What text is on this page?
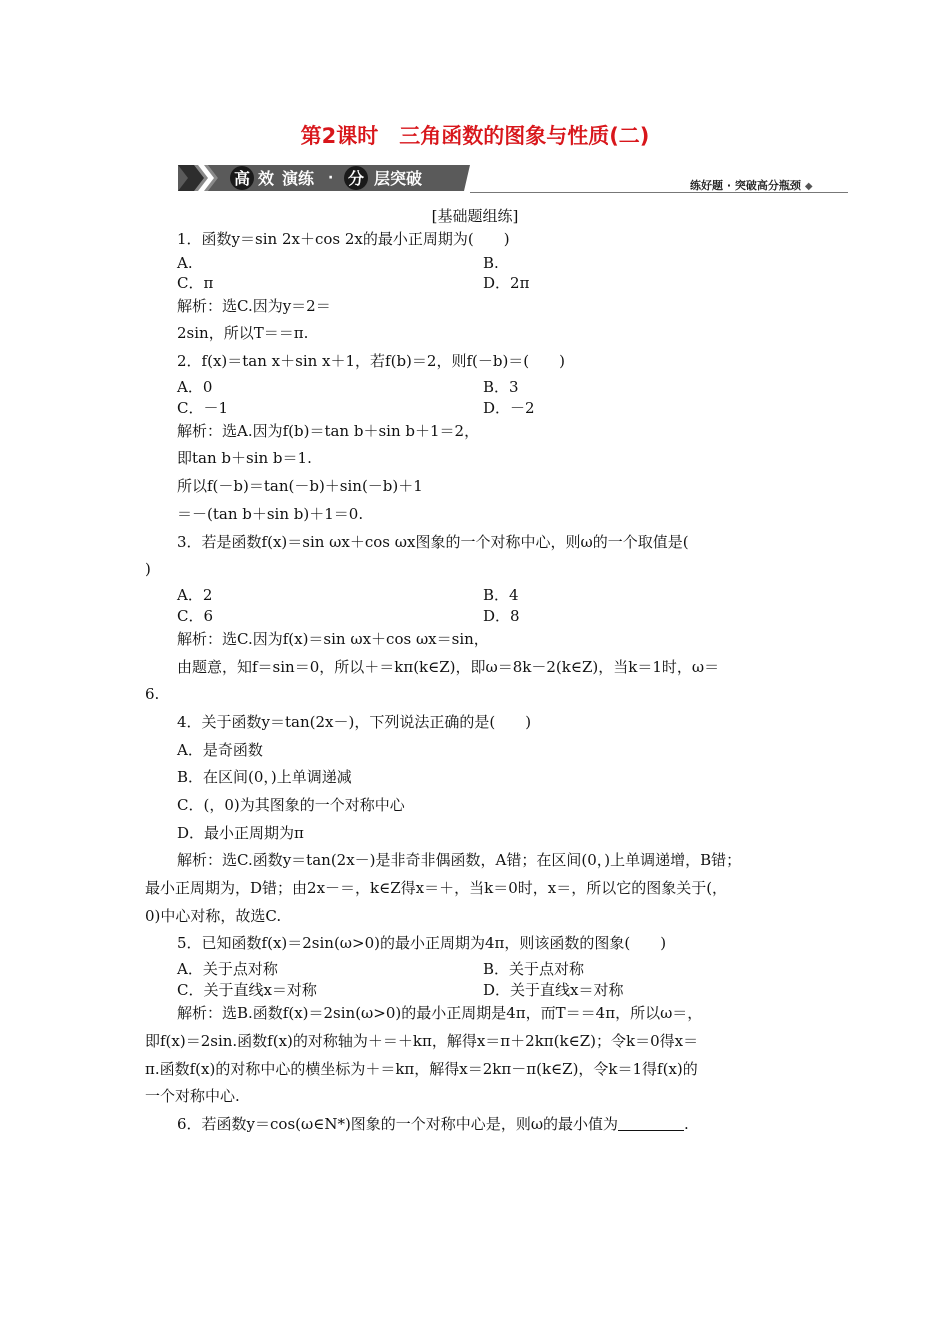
第2课时　三角函数的图象与性质(二)
高 效 演练 · 分 层突破	练好题 · 突破高分瓶颈 ◆
[基础题组练]
1．函数y＝sin 2x＋cos 2x的最小正周期为(　　)
A.	B.
C．π	D．2π
解析：选C.因为y＝2＝
2sin，所以T＝＝π.
2．f(x)＝tan x＋sin x＋1，若f(b)＝2，则f(－b)＝(　　)
A．0	B．3
C．－1	D．－2
解析：选A.因为f(b)＝tan b＋sin b＋1＝2，
即tan b＋sin b＝1.
所以f(－b)＝tan(－b)＋sin(－b)＋1
＝－(tan b＋sin b)＋1＝0.
3．若是函数f(x)＝sin ωx＋cos ωx图象的一个对称中心，则ω的一个取值是(
)
A．2	B．4
C．6	D．8
解析：选C.因为f(x)＝sin ωx＋cos ωx＝sin，
由题意，知f＝sin＝0，所以＋＝kπ(k∈Z)，即ω＝8k－2(k∈Z)，当k＝1时，ω＝
6.
4．关于函数y＝tan(2x－)，下列说法正确的是(　　)
A．是奇函数
B．在区间(0，)上单调递减
C．(，0)为其图象的一个对称中心
D．最小正周期为π
解析：选C.函数y＝tan(2x－)是非奇非偶函数，A错；在区间(0，)上单调递增，B错；
最小正周期为，D错；由2x－＝，k∈Z得x＝＋，当k＝0时，x＝，所以它的图象关于(，
0)中心对称，故选C.
5．已知函数f(x)＝2sin(ω>0)的最小正周期为4π，则该函数的图象(　　)
A．关于点对称	B．关于点对称
C．关于直线x＝对称	D．关于直线x＝对称
解析：选B.函数f(x)＝2sin(ω>0)的最小正周期是4π，而T＝＝4π，所以ω＝，
即f(x)＝2sin.函数f(x)的对称轴为＋＝＋kπ，解得x＝π＋2kπ(k∈Z)；令k＝0得x＝
π.函数f(x)的对称中心的横坐标为＋＝kπ，解得x＝2kπ－π(k∈Z)，令k＝1得f(x)的
一个对称中心.
6．若函数y＝cos(ω∈N*)图象的一个对称中心是，则ω的最小值为	.
